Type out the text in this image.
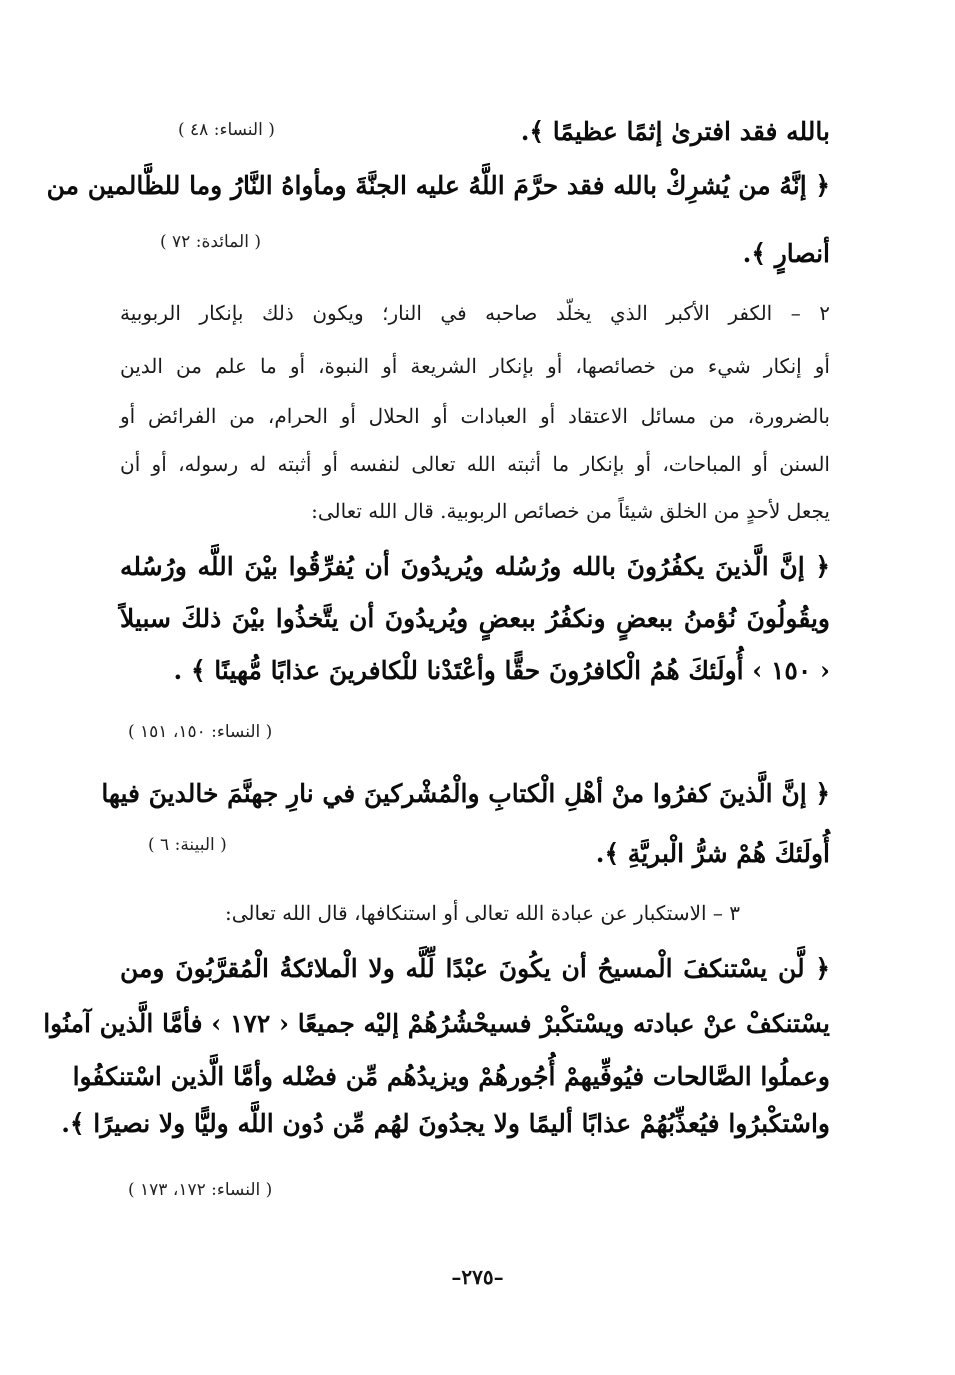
بالله فقد افترىٰ إثمًا عظيمًا ﴾.
( النساء: ٤٨ )
﴿ إنَّهُ من يُشرِكْ بالله فقد حرَّمَ اللَّهُ عليه الجنَّةَ ومأواهُ النَّارُ وما للظَّالمين من
أنصارٍ ﴾.
( المائدة: ٧٢ )
٢ – الكفر الأكبر الذي يخلّد صاحبه في النار؛ ويكون ذلك بإنكار الربوبية
أو إنكار شيء من خصائصها، أو بإنكار الشريعة أو النبوة، أو ما علم من الدين
بالضرورة، من مسائل الاعتقاد أو العبادات أو الحلال أو الحرام، من الفرائض أو
السنن أو المباحات، أو بإنكار ما أثبته الله تعالى لنفسه أو أثبته له رسوله، أو أن
يجعل لأحدٍ من الخلق شيئاً من خصائص الربوبية. قال الله تعالى:
﴿ إنَّ الَّذينَ يكفُرُونَ بالله ورُسُله ويُريدُونَ أن يُفرِّقُوا بيْنَ اللَّه ورُسُله
ويقُولُونَ نُؤمنُ ببعضٍ ونكفُرُ ببعضٍ ويُريدُونَ أن يتَّخذُوا بيْنَ ذلكَ سبيلاً
‹ ١٥٠ › أُولَئكَ هُمُ الْكافرُونَ حقًّا وأعْتَدْنا للْكافرينَ عذابًا مُّهينًا ﴾ .
( النساء: ١٥٠، ١٥١ )
﴿ إنَّ الَّذينَ كفرُوا منْ أهْلِ الْكتابِ والْمُشْركينَ في نارِ جهنَّمَ خالدينَ فيها
أُولَئكَ هُمْ شرُّ الْبريَّةِ ﴾.
( البينة: ٦ )
٣ – الاستكبار عن عبادة الله تعالى أو استنكافها، قال الله تعالى:
﴿ لَّن يسْتنكفَ الْمسيحُ أن يكُونَ عبْدًا لِّلَّه ولا الْملائكةُ الْمُقرَّبُونَ ومن
يسْتنكفْ عنْ عبادته ويسْتكْبرْ فسيحْشُرُهُمْ إليْه جميعًا ‹ ١٧٢ › فأمَّا الَّذين آمنُوا
وعملُوا الصَّالحات فيُوفِّيهمْ أُجُورهُمْ ويزيدُهُم مِّن فضْله وأمَّا الَّذين اسْتنكفُوا
واسْتكْبرُوا فيُعذِّبُهُمْ عذابًا أليمًا ولا يجدُونَ لهُم مِّن دُون اللَّه وليًّا ولا نصيرًا ﴾.
( النساء: ١٧٢، ١٧٣ )
–٢٧٥–
